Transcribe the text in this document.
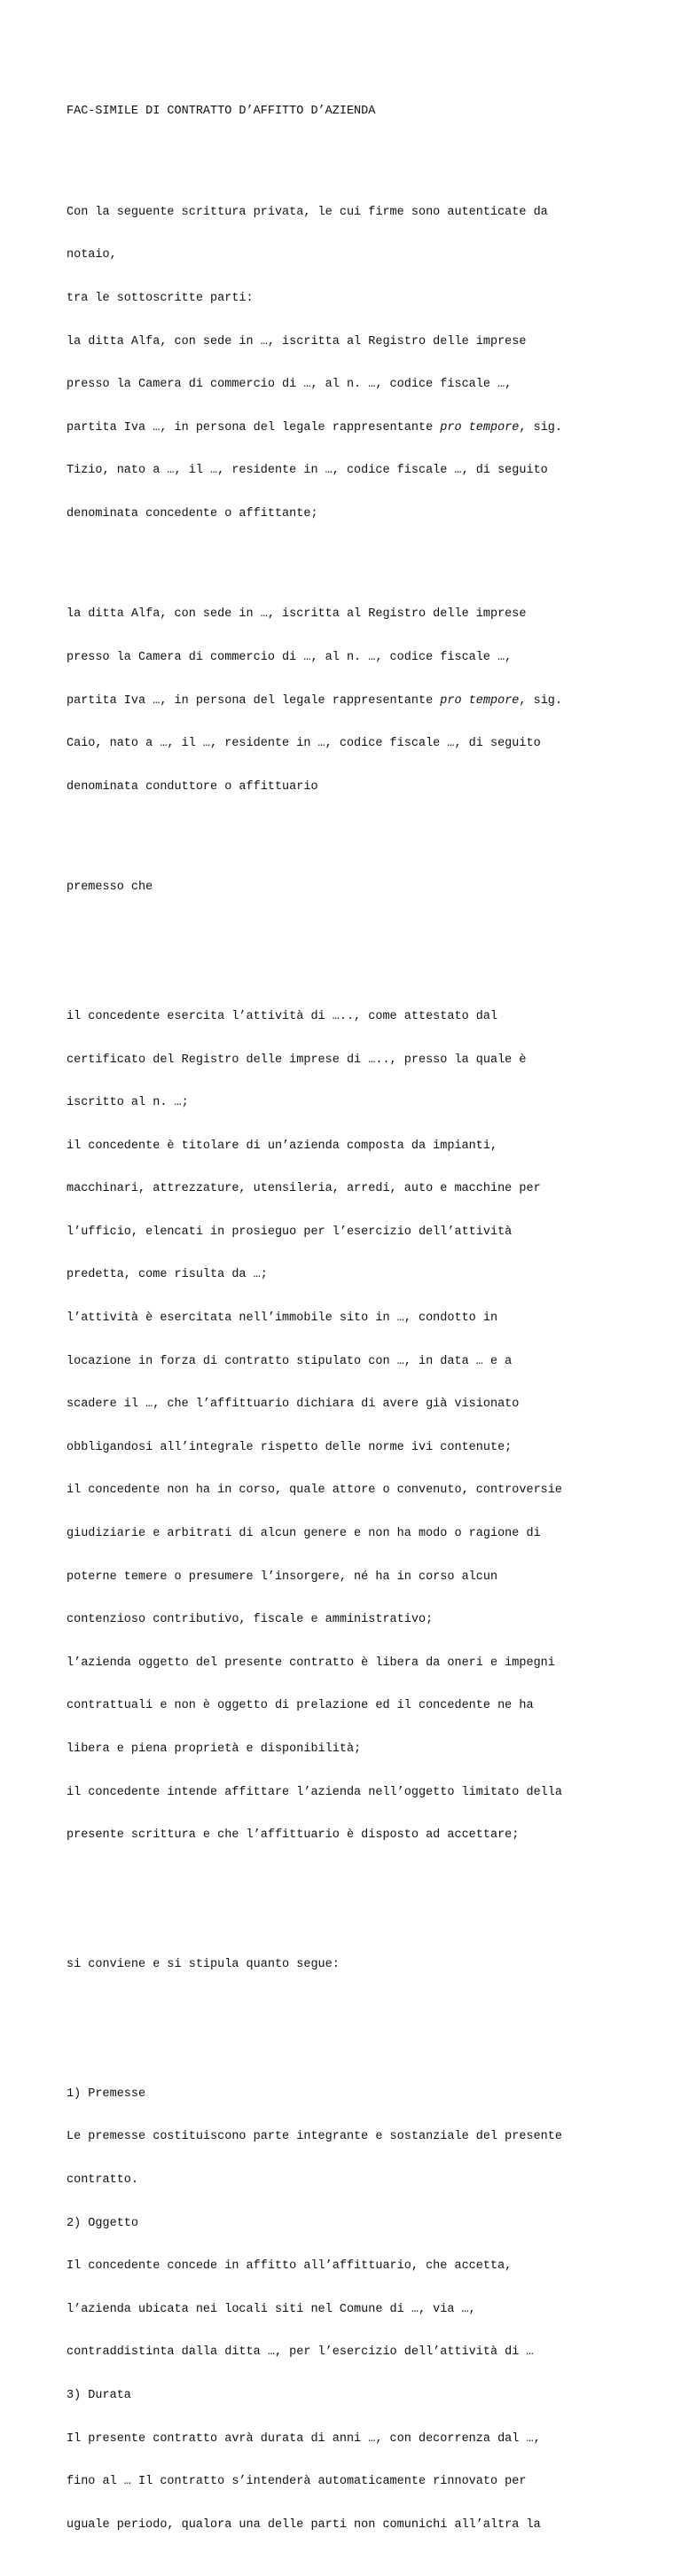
FAC-SIMILE DI CONTRATTO D’AFFITTO D’AZIENDA

Con la seguente scrittura privata, le cui firme sono autenticate da

notaio,

tra le sottoscritte parti:

la ditta Alfa, con sede in …, iscritta al Registro delle imprese

presso la Camera di commercio di …, al n. …, codice fiscale …,

partita Iva …, in persona del legale rappresentante pro tempore, sig.

Tizio, nato a …, il …, residente in …, codice fiscale …, di seguito

denominata concedente o affittante;

la ditta Alfa, con sede in …, iscritta al Registro delle imprese

presso la Camera di commercio di …, al n. …, codice fiscale …,

partita Iva …, in persona del legale rappresentante pro tempore, sig.

Caio, nato a …, il …, residente in …, codice fiscale …, di seguito

denominata conduttore o affittuario

premesso che

il concedente esercita l’attività di ….., come attestato dal

certificato del Registro delle imprese di ….., presso la quale è

iscritto al n. …;

il concedente è titolare di un’azienda composta da impianti,

macchinari, attrezzature, utensileria, arredi, auto e macchine per

l’ufficio, elencati in prosieguo per l’esercizio dell’attività

predetta, come risulta da …;

l’attività è esercitata nell’immobile sito in …, condotto in

locazione in forza di contratto stipulato con …, in data … e a

scadere il …, che l’affittuario dichiara di avere già visionato

obbligandosi all’integrale rispetto delle norme ivi contenute;

il concedente non ha in corso, quale attore o convenuto, controversie

giudiziarie e arbitrati di alcun genere e non ha modo o ragione di

poterne temere o presumere l’insorgere, né ha in corso alcun

contenzioso contributivo, fiscale e amministrativo;

l’azienda oggetto del presente contratto è libera da oneri e impegni

contrattuali e non è oggetto di prelazione ed il concedente ne ha

libera e piena proprietà e disponibilità;

il concedente intende affittare l’azienda nell’oggetto limitato della

presente scrittura e che l’affittuario è disposto ad accettare;

si conviene e si stipula quanto segue:

1) Premesse

Le premesse costituiscono parte integrante e sostanziale del presente

contratto.

2) Oggetto

Il concedente concede in affitto all’affittuario, che accetta,

l’azienda ubicata nei locali siti nel Comune di …, via …,

contraddistinta dalla ditta …, per l’esercizio dell’attività di …

3) Durata

Il presente contratto avrà durata di anni …, con decorrenza dal …,

fino al … Il contratto s’intenderà automaticamente rinnovato per

uguale periodo, qualora una delle parti non comunichi all’altra la
